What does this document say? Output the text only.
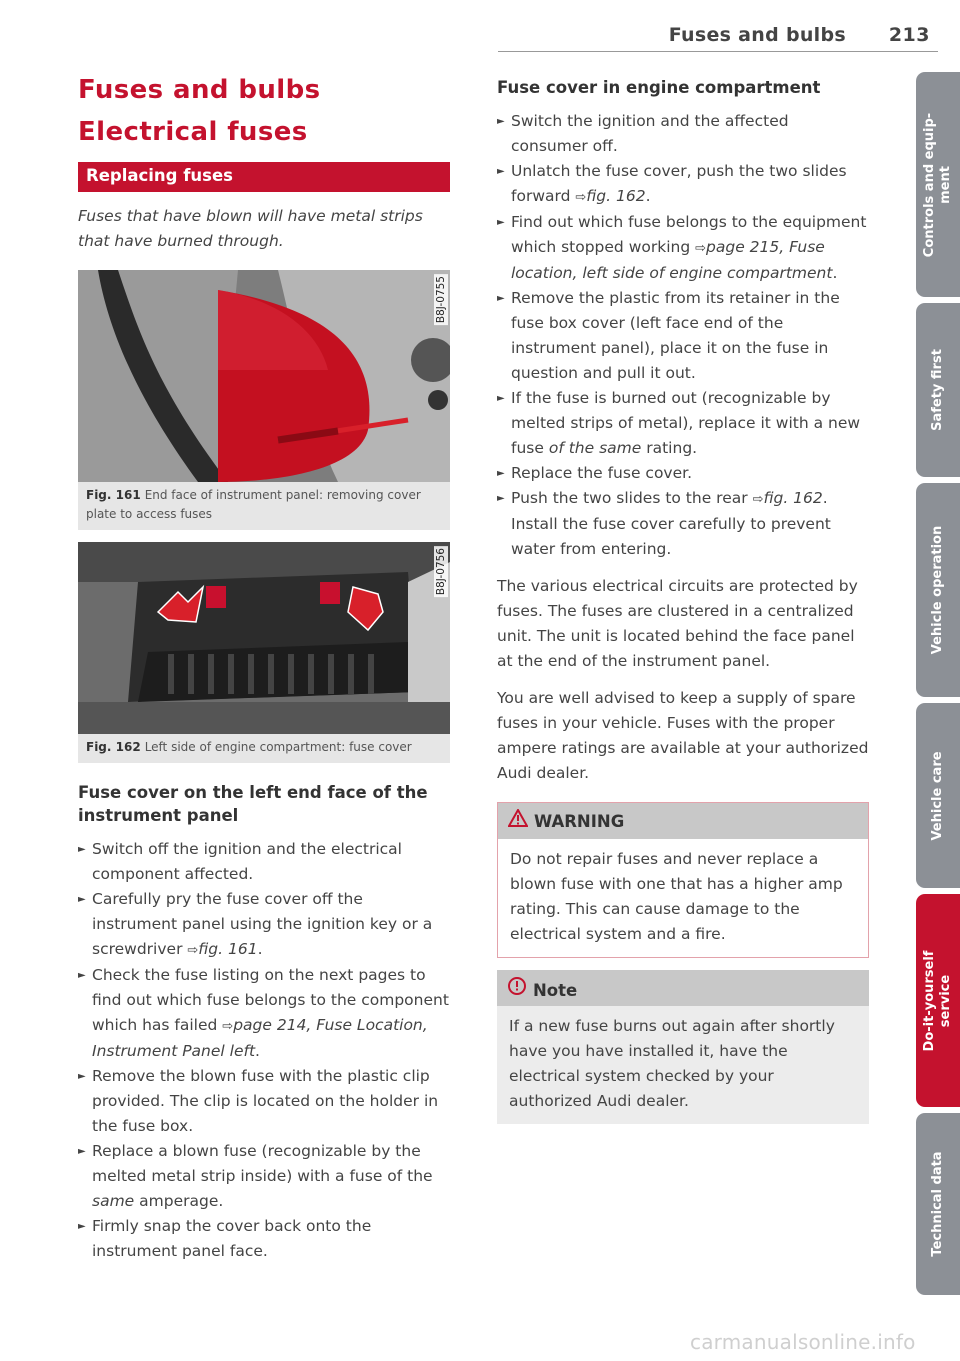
Fuses and bulbs 213
Fuses and bulbs
Electrical fuses
Replacing fuses

Fuses that have blown will have metal strips that have burned through.

B8J-0755
Fig. 161 End face of instrument panel: removing cover plate to access fuses
B8J-0756
Fig. 162 Left side of engine compartment: fuse cover
Fuse cover on the left end face of the instrument panel
► Switch off the ignition and the electrical component affected.
► Carefully pry the fuse cover off the instrument panel using the ignition key or a screwdriver ⇨fig. 161.
► Check the fuse listing on the next pages to find out which fuse belongs to the component which has failed ⇨page 214, Fuse Location, Instrument Panel left.
► Remove the blown fuse with the plastic clip provided. The clip is located on the holder in the fuse box.
► Replace a blown fuse (recognizable by the melted metal strip inside) with a fuse of the same amperage.
► Firmly snap the cover back onto the instrument panel face.
Fuse cover in engine compartment
► Switch the ignition and the affected consumer off.
► Unlatch the fuse cover, push the two slides forward ⇨fig. 162.
► Find out which fuse belongs to the equipment which stopped working ⇨page 215, Fuse location, left side of engine compartment.
► Remove the plastic from its retainer in the fuse box cover (left face end of the instrument panel), place it on the fuse in question and pull it out.
► If the fuse is burned out (recognizable by melted strips of metal), replace it with a new fuse of the same rating.
► Replace the fuse cover.
► Push the two slides to the rear ⇨fig. 162. Install the fuse cover carefully to prevent water from entering.

The various electrical circuits are protected by fuses. The fuses are clustered in a centralized unit. The unit is located behind the face panel at the end of the instrument panel.

You are well advised to keep a supply of spare fuses in your vehicle. Fuses with the proper ampere ratings are available at your authorized Audi dealer.

WARNING
Do not repair fuses and never replace a blown fuse with one that has a higher amp rating. This can cause damage to the electrical system and a fire.
Note
If a new fuse burns out again after shortly have you have installed it, have the electrical system checked by your authorized Audi dealer.
Controls and equip-
ment
Safety first
Vehicle operation
Vehicle care
Do-it-yourself
service
Technical data
carmanualsonline.info
